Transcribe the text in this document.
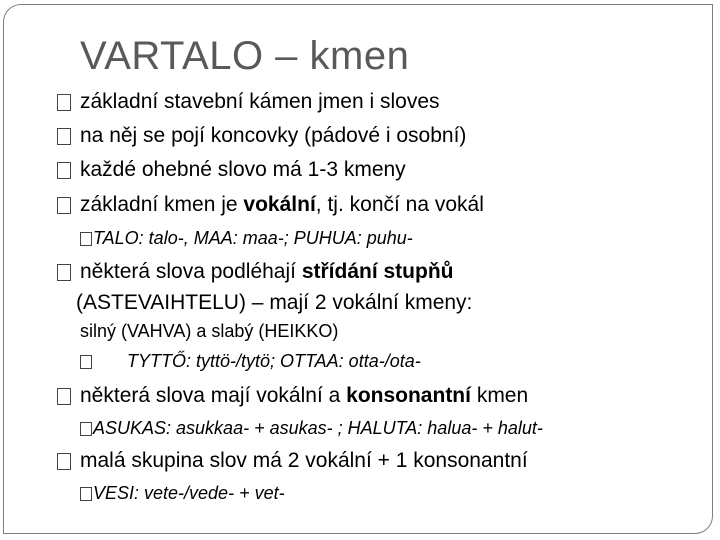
VARTALO – kmen
základní stavební kámen jmen i sloves
na něj se pojí koncovky (pádové i osobní)
každé ohebné slovo má 1-3 kmeny
základní kmen je vokální, tj. končí na vokál
TALO: talo-, MAA: maa-; PUHUA: puhu-
některá slova podléhají střídání stupňů
(ASTEVAIHTELU) – mají 2 vokální kmeny:
silný (VAHVA) a slabý (HEIKKO)
TYTTŐ: tyttö-/tytö; OTTAA: otta-/ota-
některá slova mají vokální a konsonantní kmen
ASUKAS: asukkaa- + asukas- ; HALUTA: halua- + halut-
malá skupina slov má 2 vokální + 1 konsonantní
VESI: vete-/vede- + vet-
